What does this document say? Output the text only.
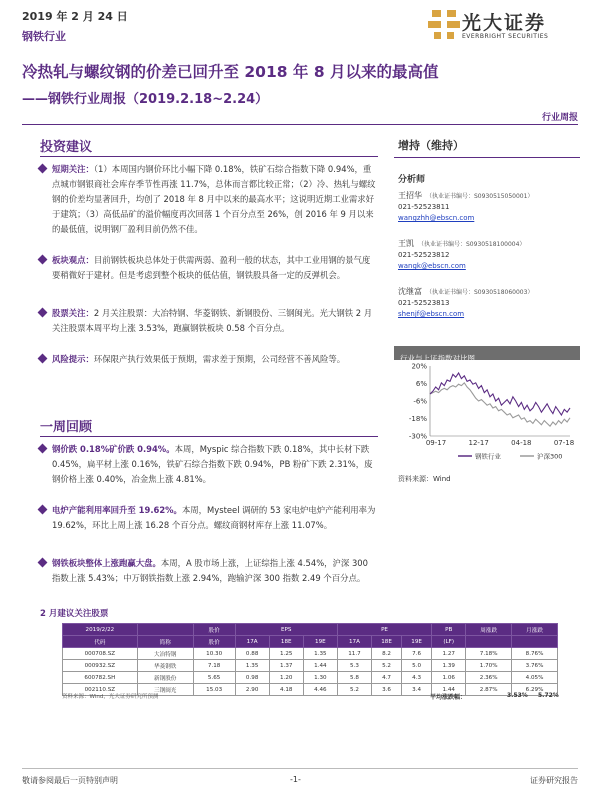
2019 年 2 月 24 日
钢铁行业
光大证券
EVERBRIGHT SECURITIES
冷热轧与螺纹钢的价差已回升至 2018 年 8 月以来的最高值
——钢铁行业周报（2019.2.18~2.24）
行业周报
投资建议
短期关注：（1）本周国内钢价环比小幅下降 0.18%，铁矿石综合指数下降 0.94%，重点城市钢银商社会库存季节性再涨 11.7%，总体而言都比较正常；（2）冷、热轧与螺纹钢的价差均显著回升，均创了 2018 年 8 月中以来的最高水平；这说明近期工业需求好于建筑；（3）高低品矿的溢价幅度再次回落 1 个百分点至 26%，创 2016 年 9 月以来的最低值，说明钢厂盈利目前仍然不佳。
板块观点：目前钢铁板块总体处于供需两弱、盈利一般的状态，其中工业用钢的景气度要稍微好于建材。但是考虑到整个板块的低估值，钢铁股具备一定的反弹机会。
股票关注：2 月关注股票：大冶特钢、华菱钢铁、新钢股份、三钢闽光。光大钢铁 2 月关注股票本周平均上涨 3.53%，跑赢钢铁板块 0.58 个百分点。
风险提示：环保限产执行效果低于预期，需求差于预期，公司经营不善风险等。
一周回顾
钢价跌 0.18%矿价跌 0.94%。本周，Myspic 综合指数下跌 0.18%，其中长材下跌 0.45%，扁平材上涨 0.16%，铁矿石综合指数下跌 0.94%，PB 粉矿下跌 2.31%，废钢价格上涨 0.40%，冶金焦上涨 4.81%。
电炉产能利用率回升至 19.62%。本周，Mysteel 调研的 53 家电炉电炉产能利用率为 19.62%，环比上周上涨 16.28 个百分点。螺纹商钢材库存上涨 11.07%。
钢铁板块整体上涨跑赢大盘。本周，A 股市场上涨，上证综指上涨 4.54%，沪深 300 指数上涨 5.43%；中万钢铁指数上涨 2.94%，跑输沪深 300 指数 2.49 个百分点。
增持（维持）
分析师
王招华 （执业证书编号：S0930515050001）
021-52523811
wangzhh@ebscn.com
王凯 （执业证书编号：S0930518100004）
021-52523812
wangk@ebscn.com
沈继富 （执业证书编号：S0930518060003）
021-52523813
shenjf@ebscn.com
行业与上证指数对比图
20%
6%
-6%
-18%
-30%
09-17	12-17	04-18	07-18
钢铁行业	沪深300
资料来源：Wind
2 月建议关注股票
2019/2/22		股价	EPS			PE			PB	周涨跌	月涨跌
代码	简称	股价	17A	18E	19E	17A	18E	19E	(LF)		
000708.SZ	大冶特钢	10.30	0.88	1.25	1.35	11.7	8.2	7.6	1.27	7.18%	8.76%
000932.SZ	华菱钢铁	7.18	1.35	1.37	1.44	5.3	5.2	5.0	1.39	1.70%	3.76%
600782.SH	新钢股份	5.65	0.98	1.20	1.30	5.8	4.7	4.3	1.06	2.36%	4.05%
002110.SZ	三钢闽光	15.03	2.90	4.18	4.46	5.2	3.6	3.4	1.44	2.87%	6.29%
资料来源：Wind，光大证券研究所预测	平均涨跌幅：	3.53% 5.72%
敬请参阅最后一页特别声明	-1-	证券研究报告
